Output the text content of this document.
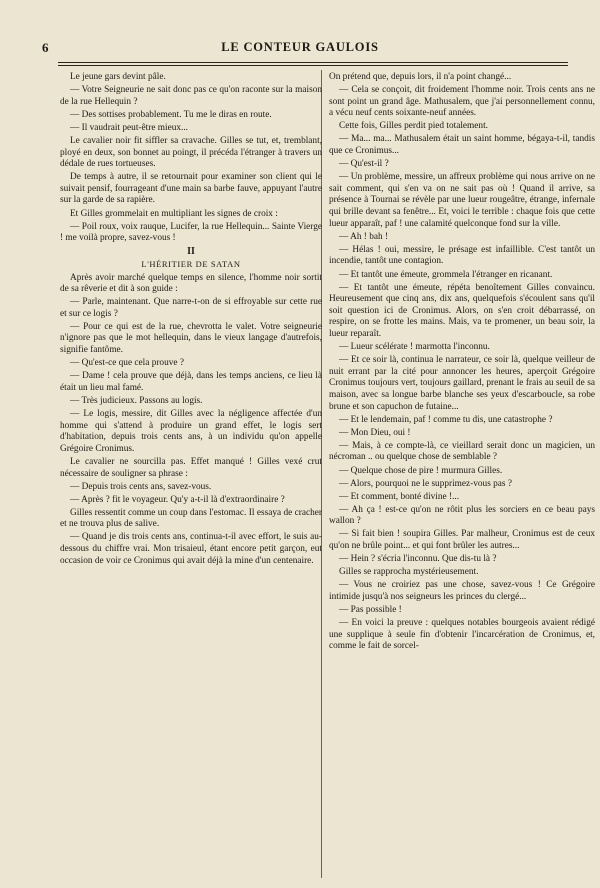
6	LE CONTEUR GAULOIS

Le jeune gars devint pâle.

— Votre Seigneurie ne sait donc pas ce qu'on raconte sur la maison de la rue Hellequin ?

— Des sottises probablement. Tu me le diras en route.

— Il vaudrait peut-être mieux...

Le cavalier noir fit siffler sa cravache. Gilles se tut, et, tremblant, ployé en deux, son bonnet au poingt, il précéda l'étranger à travers un dédale de rues tortueuses.

De temps à autre, il se retournait pour examiner son client qui le suivait pensif, fourrageant d'une main sa barbe fauve, appuyant l'autre sur la garde de sa rapière.

Et Gilles grommelait en multipliant les signes de croix :

— Poil roux, voix rauque, Lucifer, la rue Hellequin... Sainte Vierge ! me voilà propre, savez-vous !

II

L'HÉRITIER DE SATAN

Après avoir marché quelque temps en silence, l'homme noir sortit de sa rêverie et dit à son guide :

— Parle, maintenant. Que narre-t-on de si effroyable sur cette rue et sur ce logis ?

— Pour ce qui est de la rue, chevrotta le valet. Votre seigneurie n'ignore pas que le mot hellequin, dans le vieux langage d'autrefois, signifie fantôme.

— Qu'est-ce que cela prouve ?

— Dame ! cela prouve que déjà, dans les temps anciens, ce lieu là était un lieu mal famé.

— Très judicieux. Passons au logis.

— Le logis, messire, dit Gilles avec la négligence affectée d'un homme qui s'attend à produire un grand effet, le logis sert d'habitation, depuis trois cents ans, à un individu qu'on appelle Grégoire Cronimus.

Le cavalier ne sourcilla pas. Effet manqué ! Gilles vexé crut nécessaire de souligner sa phrase :

— Depuis trois cents ans, savez-vous.

— Après ? fit le voyageur. Qu'y a-t-il là d'extraordinaire ?

Gilles ressentit comme un coup dans l'estomac. Il essaya de cracher et ne trouva plus de salive.

— Quand je dis trois cents ans, continua-t-il avec effort, le suis au-dessous du chiffre vrai. Mon trisaieul, étant encore petit garçon, eut occasion de voir ce Cronimus qui avait déjà la mine d'un centenaire.

On prétend que, depuis lors, il n'a point changé...

— Cela se conçoit, dit froidement l'homme noir. Trois cents ans ne sont point un grand âge. Mathusalem, que j'ai personnellement connu, a vécu neuf cents soixante-neuf années.

Cette fois, Gilles perdit pied totalement.

— Ma... ma... Mathusalem était un saint homme, bégaya-t-il, tandis que ce Cronimus...

— Qu'est-il ?

— Un problème, messire, un affreux problème qui nous arrive on ne sait comment, qui s'en va on ne sait pas où ! Quand il arrive, sa présence à Tournai se révèle par une lueur rougeâtre, étrange, infernale qui brille devant sa fenêtre... Et, voici le terrible : chaque fois que cette lueur apparaît, paf ! une calamité quelconque fond sur la ville.

— Ah ! bah !

— Hélas ! oui, messire, le présage est infaillible. C'est tantôt un incendie, tantôt une contagion.

— Et tantôt une émeute, grommela l'étranger en ricanant.

— Et tantôt une émeute, répéta benoîtement Gilles convaincu. Heureusement que cinq ans, dix ans, quelquefois s'écoulent sans qu'il soit question ici de Cronimus. Alors, on s'en croit débarrassé, on respire, on se frotte les mains. Mais, va te promener, un beau soir, la lueur reparaît.

— Lueur scélérate ! marmotta l'inconnu.

— Et ce soir là, continua le narrateur, ce soir là, quelque veilleur de nuit errant par la cité pour annoncer les heures, aperçoit Grégoire Cronimus toujours vert, toujours gaillard, prenant le frais au seuil de sa maison, avec sa longue barbe blanche ses yeux d'escarboucle, sa robe brune et son capuchon de futaine...

— Et le lendemain, paf ! comme tu dis, une catastrophe ?

— Mon Dieu, oui !

— Mais, à ce compte-là, ce vieillard serait donc un magicien, un nécroman .. ou quelque chose de semblable ?

— Quelque chose de pire ! murmura Gilles.

— Alors, pourquoi ne le supprimez-vous pas ?

— Et comment, bonté divine !...

— Ah ça ! est-ce qu'on ne rôtit plus les sorciers en ce beau pays wallon ?

— Si fait bien ! soupira Gilles. Par malheur, Cronimus est de ceux qu'on ne brûle point... et qui font brûler les autres...

— Hein ? s'écria l'inconnu. Que dis-tu là ?

Gilles se rapprocha mystérieusement.

— Vous ne croiriez pas une chose, savez-vous ! Ce Grégoire intimide jusqu'à nos seigneurs les princes du clergé...

— Pas possible !

— En voici la preuve : quelques notables bourgeois avaient rédigé une supplique à seule fin d'obtenir l'incarcération de Cronimus, et, comme le fait de sorcel-
